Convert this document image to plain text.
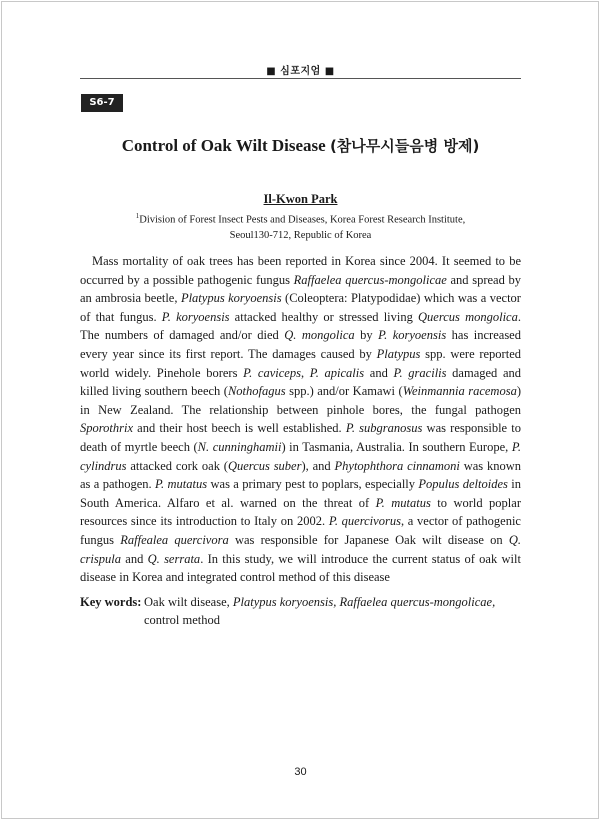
■ 심포지엄 ■
S6-7
Control of Oak Wilt Disease (참나무시들음병 방제)
Il-Kwon Park
$^1$Division of Forest Insect Pests and Diseases, Korea Forest Research Institute,
Seoul130-712, Republic of Korea

Mass mortality of oak trees has been reported in Korea since 2004. It seemed to be occurred by a possible pathogenic fungus Raffaelea quercus-mongolicae and spread by an ambrosia beetle, Platypus koryoensis (Coleoptera: Platypodidae) which was a vector of that fungus. P. koryoensis attacked healthy or stressed living Quercus mongolica. The numbers of damaged and/or died Q. mongolica by P. koryoensis has increased every year since its first report. The damages caused by Platypus spp. were reported world widely. Pinehole borers P. caviceps, P. apicalis and P. gracilis damaged and killed living southern beech (Nothofagus spp.) and/or Kamawi (Weinmannia racemosa) in New Zealand. The relationship between pinhole bores, the fungal pathogen Sporothrix and their host beech is well established. P. subgranosus was responsible to death of myrtle beech (N. cunninghamii) in Tasmania, Australia. In southern Europe, P. cylindrus attacked cork oak (Quercus suber), and Phytophthora cinnamoni was known as a pathogen. P. mutatus was a primary pest to poplars, especially Populus deltoides in South America. Alfaro et al. warned on the threat of P. mutatus to world poplar resources since its introduction to Italy on 2002. P. quercivorus, a vector of pathogenic fungus Raffealea quercivora was responsible for Japanese Oak wilt disease on Q. crispula and Q. serrata. In this study, we will introduce the current status of oak wilt disease in Korea and integrated control method of this disease

Key words: Oak wilt disease, Platypus koryoensis, Raffaelea quercus-mongolicae,
control method
30
